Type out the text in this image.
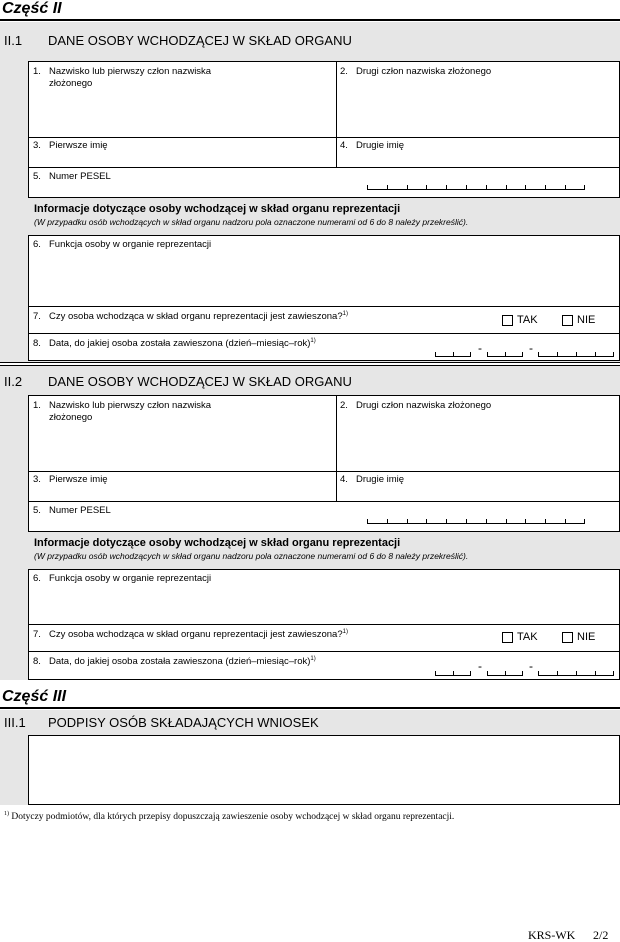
Część II
II.1 DANE OSOBY WCHODZĄCEJ W SKŁAD ORGANU
1. Nazwisko lub pierwszy człon nazwiska złożonego
2. Drugi człon nazwiska złożonego
3. Pierwsze imię	4. Drugie imię
5. Numer PESEL
Informacje dotyczące osoby wchodzącej w skład organu reprezentacji
(W przypadku osób wchodzących w skład organu nadzoru pola oznaczone numerami od 6 do 8 należy przekreślić).
6. Funkcja osoby w organie reprezentacji
7. Czy osoba wchodząca w skład organu reprezentacji jest zawieszona?$^{1)}$	TAK	NIE
8. Data, do jakiej osoba została zawieszona (dzień–miesiąc–rok)$^{1)}$	-	-
II.2 DANE OSOBY WCHODZĄCEJ W SKŁAD ORGANU
1. Nazwisko lub pierwszy człon nazwiska złożonego
2. Drugi człon nazwiska złożonego
3. Pierwsze imię	4. Drugie imię
5. Numer PESEL
Informacje dotyczące osoby wchodzącej w skład organu reprezentacji
(W przypadku osób wchodzących w skład organu nadzoru pola oznaczone numerami od 6 do 8 należy przekreślić).
6. Funkcja osoby w organie reprezentacji
7. Czy osoba wchodząca w skład organu reprezentacji jest zawieszona?$^{1)}$	TAK	NIE
8. Data, do jakiej osoba została zawieszona (dzień–miesiąc–rok)$^{1)}$	-	-
Część III
III.1 PODPISY OSÓB SKŁADAJĄCYCH WNIOSEK
$^{1)}$ Dotyczy podmiotów, dla których przepisy dopuszczają zawieszenie osoby wchodzącej w skład organu reprezentacji.
KRS-WK 2/2
